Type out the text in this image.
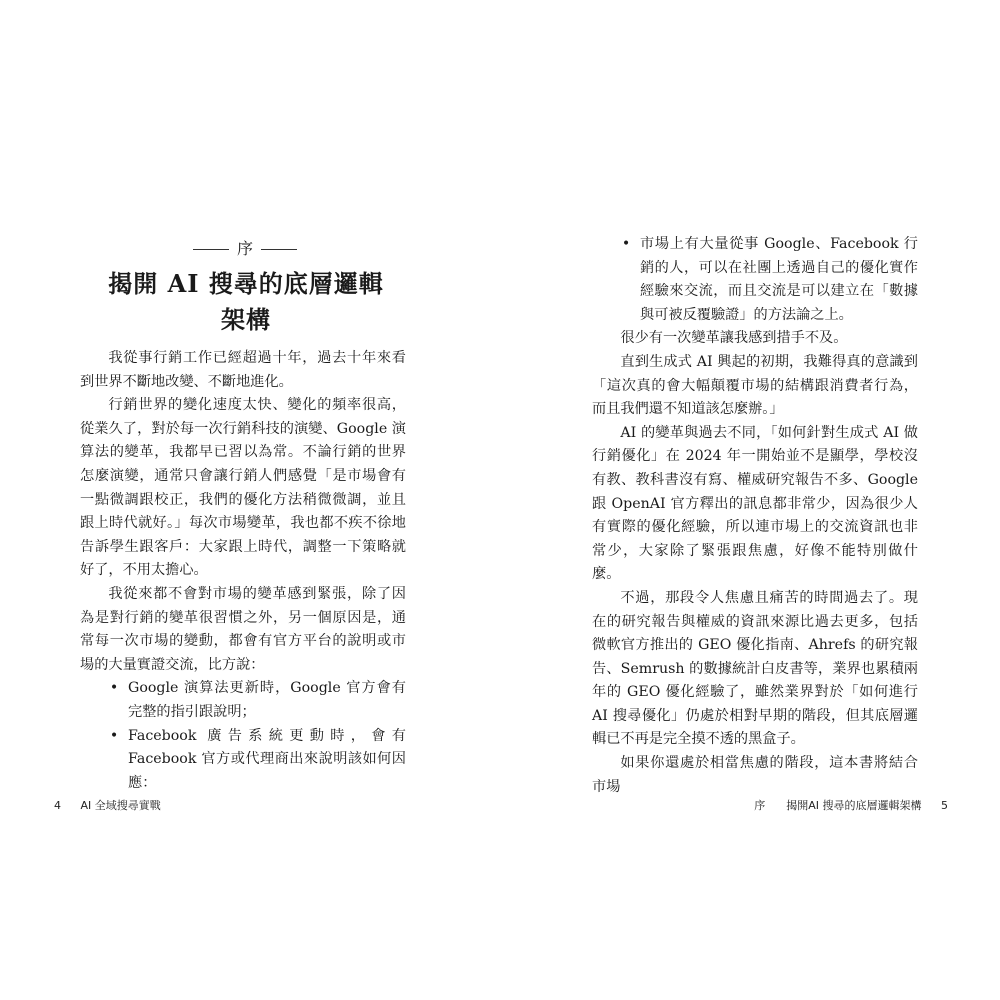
序
揭開 AI 搜尋的底層邏輯架構

我從事行銷工作已經超過十年，過去十年來看到世界不斷地改變、不斷地進化。

行銷世界的變化速度太快、變化的頻率很高，從業久了，對於每一次行銷科技的演變、Google 演算法的變革，我都早已習以為常。不論行銷的世界怎麼演變，通常只會讓行銷人們感覺「是市場會有一點微調跟校正，我們的優化方法稍微微調，並且跟上時代就好。」每次市場變革，我也都不疾不徐地告訴學生跟客戶：大家跟上時代，調整一下策略就好了，不用太擔心。

我從來都不會對市場的變革感到緊張，除了因為是對行銷的變革很習慣之外，另一個原因是，通常每一次市場的變動，都會有官方平台的說明或市場的大量實證交流，比方說：

• Google 演算法更新時，Google 官方會有完整的指引跟說明；
• Facebook 廣告系統更動時，會有 Facebook 官方或代理商出來說明該如何因應：
4 AI 全域搜尋實戰
• 市場上有大量從事 Google、Facebook 行銷的人，可以在社團上透過自己的優化實作經驗來交流，而且交流是可以建立在「數據與可被反覆驗證」的方法論之上。

很少有一次變革讓我感到措手不及。

直到生成式 AI 興起的初期，我難得真的意識到「這次真的會大幅顛覆市場的結構跟消費者行為，而且我們還不知道該怎麼辦。」

AI 的變革與過去不同，「如何針對生成式 AI 做行銷優化」在 2024 年一開始並不是顯學，學校沒有教、教科書沒有寫、權威研究報告不多、Google 跟 OpenAI 官方釋出的訊息都非常少，因為很少人有實際的優化經驗，所以連市場上的交流資訊也非常少，大家除了緊張跟焦慮，好像不能特別做什麼。

不過，那段令人焦慮且痛苦的時間過去了。現在的研究報告與權威的資訊來源比過去更多，包括微軟官方推出的 GEO 優化指南、Ahrefs 的研究報告、Semrush 的數據統計白皮書等，業界也累積兩年的 GEO 優化經驗了，雖然業界對於「如何進行 AI 搜尋優化」仍處於相對早期的階段，但其底層邏輯已不再是完全摸不透的黑盒子。

如果你還處於相當焦慮的階段，這本書將結合市場

序 揭開AI 搜尋的底層邏輯架構 5
